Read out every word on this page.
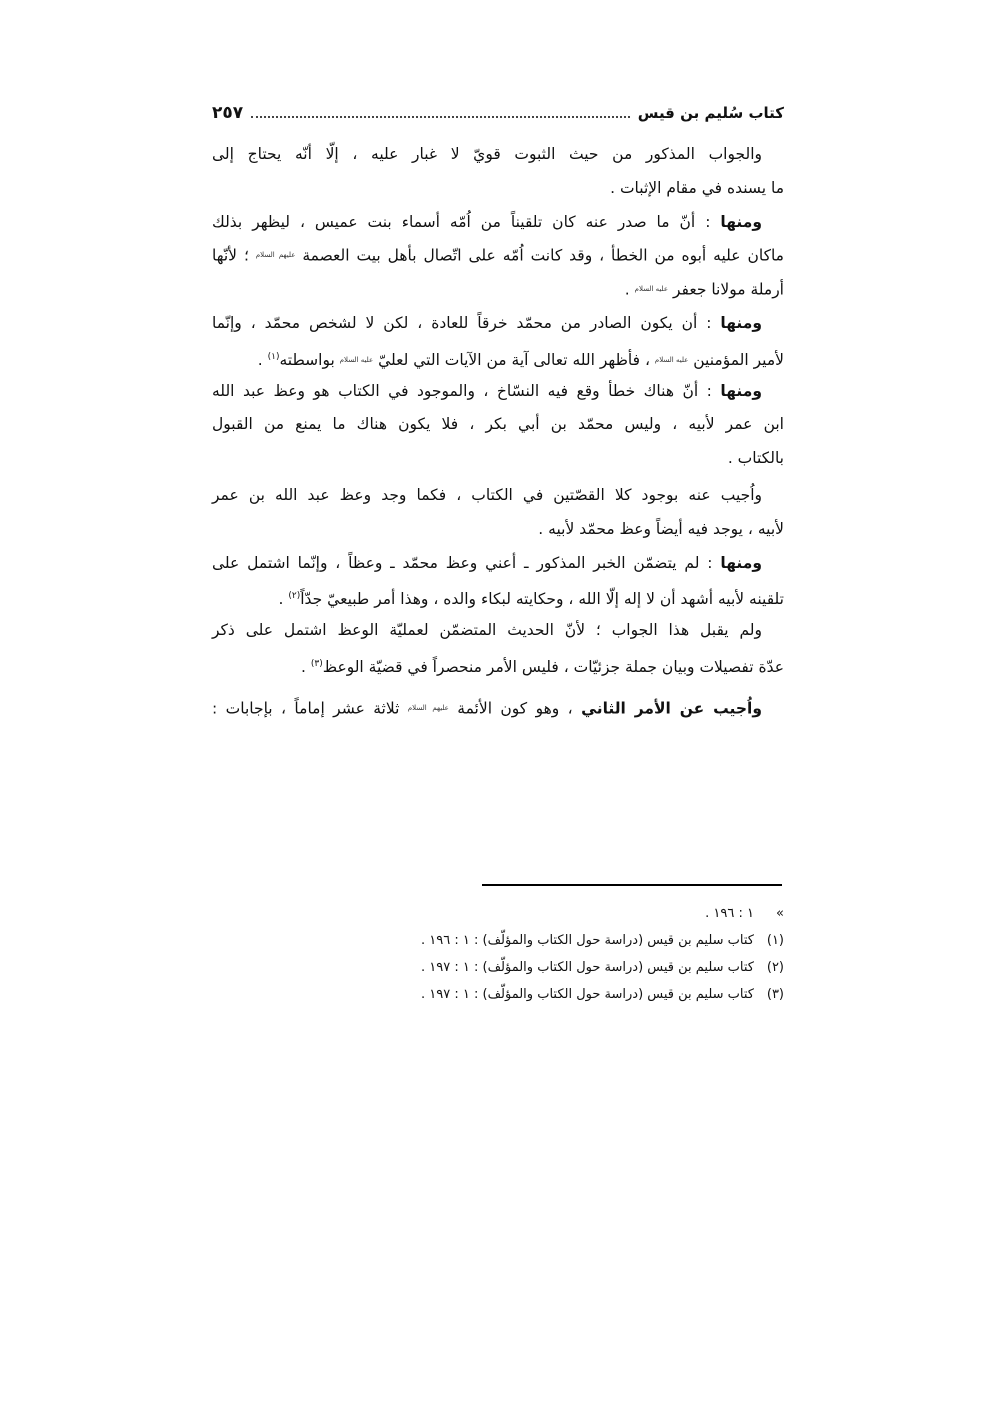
كتاب سُليم بن قيس
٢٥٧
والجواب المذكور من حيث الثبوت قويّ لا غبار عليه ، إلّا أنّه يحتاج إلى
ما يسنده في مقام الإثبات .
ومنها : أنّ ما صدر عنه كان تلقيناً من اُمّه أسماء بنت عميس ، ليظهر بذلك
ماكان عليه أبوه من الخطأ ، وقد كانت اُمّه على اتّصال بأهل بيت العصمة عليهم السلام ؛ لأنّها
أرملة مولانا جعفر عليه السلام .
ومنها : أن يكون الصادر من محمّد خرقاً للعادة ، لكن لا لشخص محمّد ، وإنّما
لأمير المؤمنين عليه السلام ، فأظهر الله تعالى آية من الآيات التي لعليّ عليه السلام بواسطته$^{(١)}$ .
ومنها : أنّ هناك خطأ وقع فيه النسّاخ ، والموجود في الكتاب هو وعظ عبد الله
ابن عمر لأبيه ، وليس محمّد بن أبي بكر ، فلا يكون هناك ما يمنع من القبول
بالكتاب .
واُجيب عنه بوجود كلا القصّتين في الكتاب ، فكما وجد وعظ عبد الله بن عمر
لأبيه ، يوجد فيه أيضاً وعظ محمّد لأبيه .
ومنها : لم يتضمّن الخبر المذكور ـ أعني وعظ محمّد ـ وعظاً ، وإنّما اشتمل على
تلقينه لأبيه أشهد أن لا إله إلّا الله ، وحكايته لبكاء والده ، وهذا أمر طبيعيّ جدّاً$^{(٢)}$ .
ولم يقبل هذا الجواب ؛ لأنّ الحديث المتضمّن لعمليّة الوعظ اشتمل على ذكر
عدّة تفصيلات وبيان جملة جزئيّات ، فليس الأمر منحصراً في قضيّة الوعظ$^{(٣)}$ .
واُجيب عن الأمر الثاني ، وهو كون الأئمة عليهم السلام ثلاثة عشر إماماً ، بإجابات :
»١ : ١٩٦ .
(١)كتاب سليم بن قيس (دراسة حول الكتاب والمؤلّف) : ١ : ١٩٦ .
(٢)كتاب سليم بن قيس (دراسة حول الكتاب والمؤلّف) : ١ : ١٩٧ .
(٣)كتاب سليم بن قيس (دراسة حول الكتاب والمؤلّف) : ١ : ١٩٧ .
